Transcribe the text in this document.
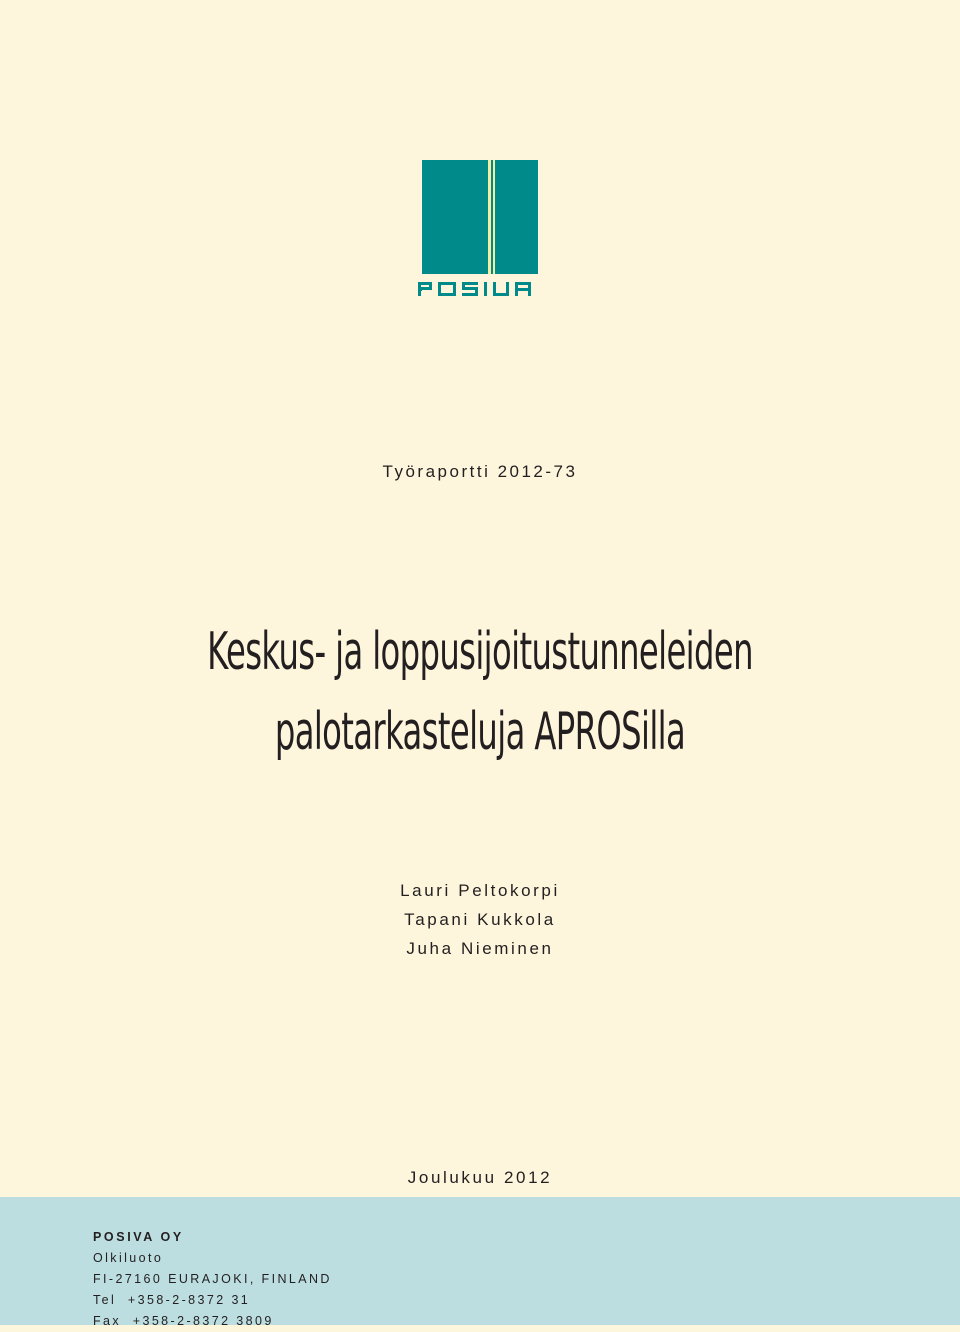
Työraportti 2012-73
Keskus- ja loppusijoitustunneleiden
palotarkasteluja APROSilla
Lauri Peltokorpi
Tapani Kukkola
Juha Nieminen
Joulukuu 2012
POSIVA OY
Olkiluoto
FI-27160 EURAJOKI, FINLAND
Tel  +358-2-8372 31
Fax  +358-2-8372 3809
